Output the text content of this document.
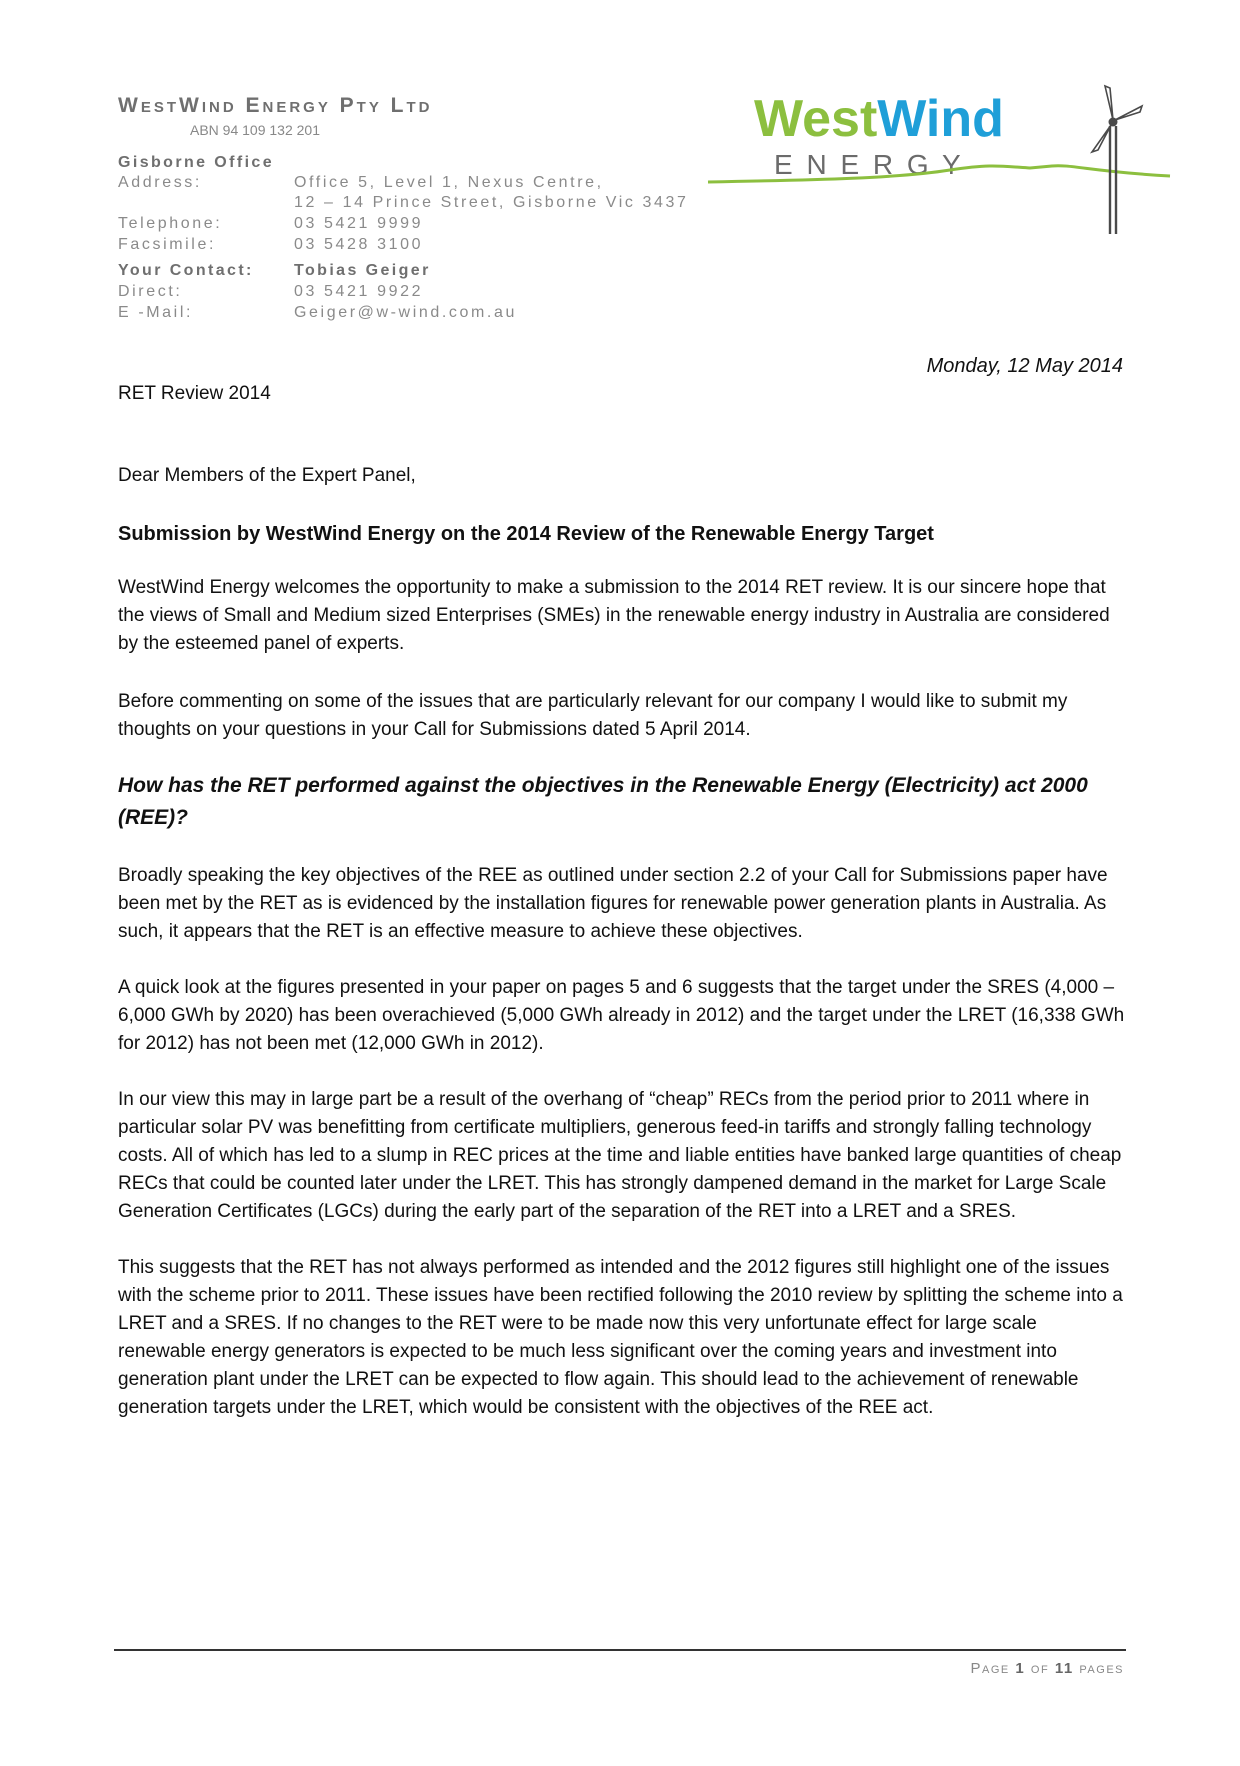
WestWind Energy Pty Ltd
ABN 94 109 132 201
Gisborne Office
Address:	Office 5, Level 1, Nexus Centre,
12 – 14 Prince Street, Gisborne Vic 3437
Telephone:	03 5421 9999
Facsimile:	03 5428 3100
Your Contact:	Tobias Geiger
Direct:	03 5421 9922
E -Mail:	Geiger@w-wind.com.au
WestWind
E N E R G Y
Monday, 12 May 2014
RET Review 2014
Dear Members of the Expert Panel,
Submission by WestWind Energy on the 2014 Review of the Renewable Energy Target
WestWind Energy welcomes the opportunity to make a submission to the 2014 RET review. It is our sincere hope that the views of Small and Medium sized Enterprises (SMEs) in the renewable energy industry in Australia are considered by the esteemed panel of experts.
Before commenting on some of the issues that are particularly relevant for our company I would like to submit my thoughts on your questions in your Call for Submissions dated 5 April 2014.
How has the RET performed against the objectives in the Renewable Energy (Electricity) act 2000 (REE)?
Broadly speaking the key objectives of the REE as outlined under section 2.2 of your Call for Submissions paper have been met by the RET as is evidenced by the installation figures for renewable power generation plants in Australia. As such, it appears that the RET is an effective measure to achieve these objectives.
A quick look at the figures presented in your paper on pages 5 and 6 suggests that the target under the SRES (4,000 – 6,000 GWh by 2020) has been overachieved (5,000 GWh already in 2012) and the target under the LRET (16,338 GWh for 2012) has not been met (12,000 GWh in 2012).
In our view this may in large part be a result of the overhang of “cheap” RECs from the period prior to 2011 where in particular solar PV was benefitting from certificate multipliers, generous feed-in tariffs and strongly falling technology costs. All of which has led to a slump in REC prices at the time and liable entities have banked large quantities of cheap RECs that could be counted later under the LRET. This has strongly dampened demand in the market for Large Scale Generation Certificates (LGCs) during the early part of the separation of the RET into a LRET and a SRES.
This suggests that the RET has not always performed as intended and the 2012 figures still highlight one of the issues with the scheme prior to 2011. These issues have been rectified following the 2010 review by splitting the scheme into a LRET and a SRES. If no changes to the RET were to be made now this very unfortunate effect for large scale renewable energy generators is expected to be much less significant over the coming years and investment into generation plant under the LRET can be expected to flow again. This should lead to the achievement of renewable generation targets under the LRET, which would be consistent with the objectives of the REE act.
Page 1 of 11 pages
